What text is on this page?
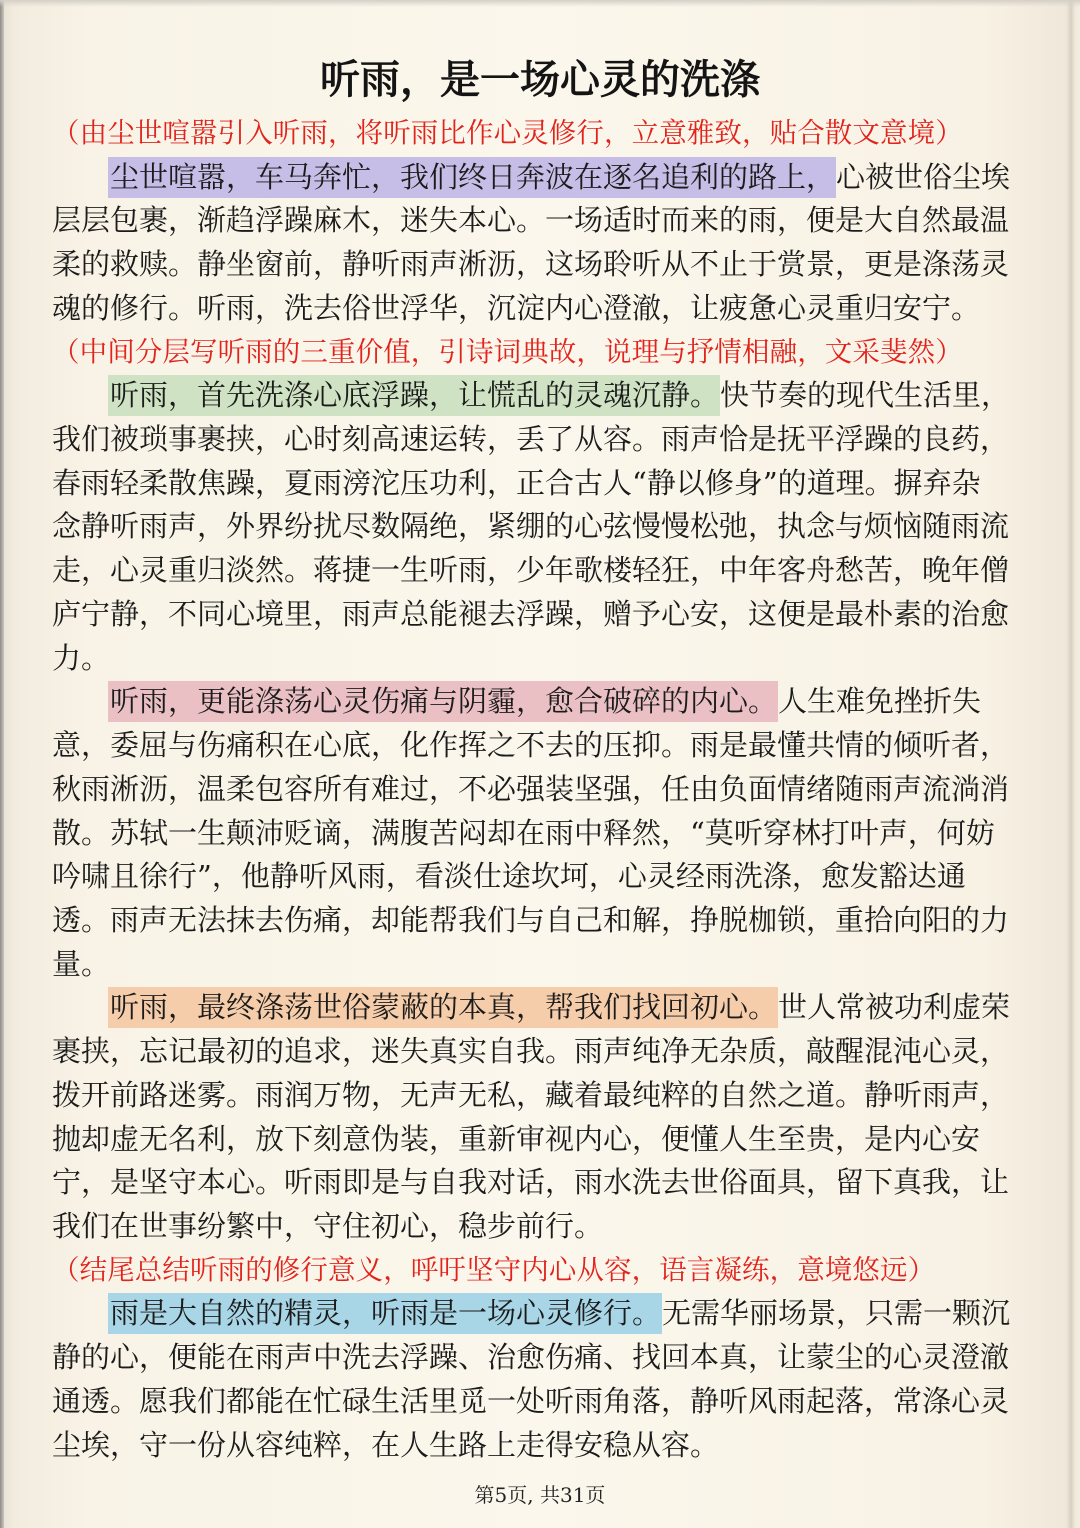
听雨，是一场心灵的洗涤
（由尘世喧嚣引入听雨，将听雨比作心灵修行，立意雅致，贴合散文意境）
尘世喧嚣，车马奔忙，我们终日奔波在逐名追利的路上，心被世俗尘埃
层层包裹，渐趋浮躁麻木，迷失本心。一场适时而来的雨，便是大自然最温
柔的救赎。静坐窗前，静听雨声淅沥，这场聆听从不止于赏景，更是涤荡灵
魂的修行。听雨，洗去俗世浮华，沉淀内心澄澈，让疲惫心灵重归安宁。
（中间分层写听雨的三重价值，引诗词典故，说理与抒情相融，文采斐然）
听雨，首先洗涤心底浮躁，让慌乱的灵魂沉静。快节奏的现代生活里，
我们被琐事裹挟，心时刻高速运转，丢了从容。雨声恰是抚平浮躁的良药，
春雨轻柔散焦躁，夏雨滂沱压功利，正合古人“静以修身”的道理。摒弃杂
念静听雨声，外界纷扰尽数隔绝，紧绷的心弦慢慢松弛，执念与烦恼随雨流
走，心灵重归淡然。蒋捷一生听雨，少年歌楼轻狂，中年客舟愁苦，晚年僧
庐宁静，不同心境里，雨声总能褪去浮躁，赠予心安，这便是最朴素的治愈
力。
听雨，更能涤荡心灵伤痛与阴霾，愈合破碎的内心。人生难免挫折失
意，委屈与伤痛积在心底，化作挥之不去的压抑。雨是最懂共情的倾听者，
秋雨淅沥，温柔包容所有难过，不必强装坚强，任由负面情绪随雨声流淌消
散。苏轼一生颠沛贬谪，满腹苦闷却在雨中释然，“莫听穿林打叶声，何妨
吟啸且徐行”，他静听风雨，看淡仕途坎坷，心灵经雨洗涤，愈发豁达通
透。雨声无法抹去伤痛，却能帮我们与自己和解，挣脱枷锁，重拾向阳的力
量。
听雨，最终涤荡世俗蒙蔽的本真，帮我们找回初心。世人常被功利虚荣
裹挟，忘记最初的追求，迷失真实自我。雨声纯净无杂质，敲醒混沌心灵，
拨开前路迷雾。雨润万物，无声无私，藏着最纯粹的自然之道。静听雨声，
抛却虚无名利，放下刻意伪装，重新审视内心，便懂人生至贵，是内心安
宁，是坚守本心。听雨即是与自我对话，雨水洗去世俗面具，留下真我，让
我们在世事纷繁中，守住初心，稳步前行。
（结尾总结听雨的修行意义，呼吁坚守内心从容，语言凝练，意境悠远）
雨是大自然的精灵，听雨是一场心灵修行。无需华丽场景，只需一颗沉
静的心，便能在雨声中洗去浮躁、治愈伤痛、找回本真，让蒙尘的心灵澄澈
通透。愿我们都能在忙碌生活里觅一处听雨角落，静听风雨起落，常涤心灵
尘埃，守一份从容纯粹，在人生路上走得安稳从容。
第5页, 共31页
